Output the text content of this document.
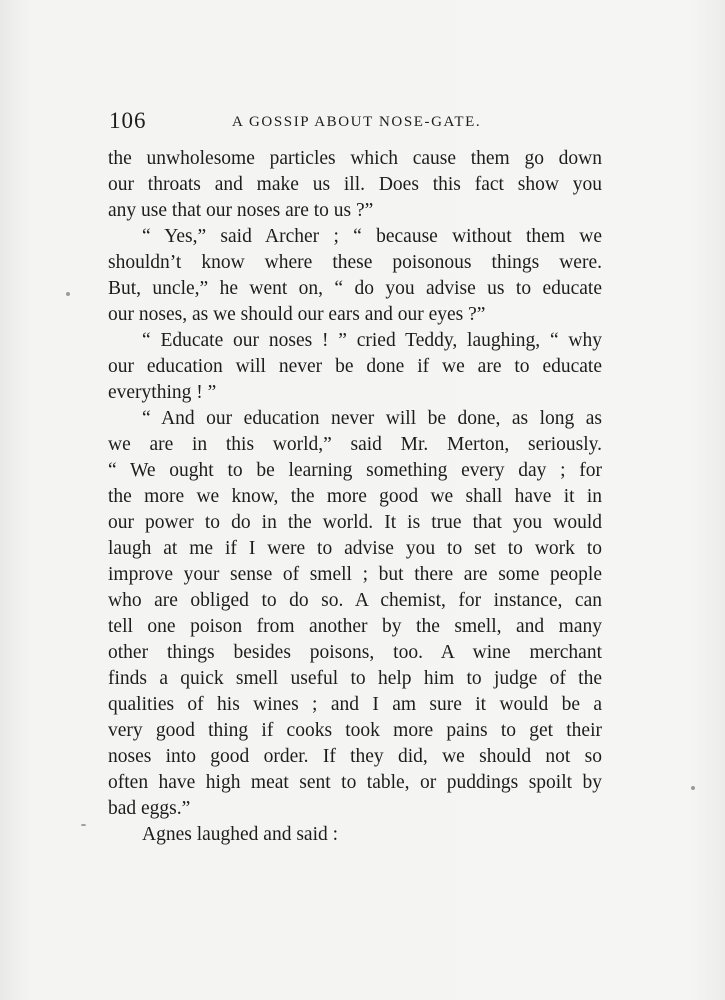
106	A GOSSIP ABOUT NOSE-GATE.
the unwholesome particles which cause them go down
our throats and make us ill. Does this fact show you
any use that our noses are to us ?”
“ Yes,” said Archer ; “ because without them we
shouldn’t know where these poisonous things were.
But, uncle,” he went on, “ do you advise us to educate
our noses, as we should our ears and our eyes ?”
“ Educate our noses ! ” cried Teddy, laughing, “ why
our education will never be done if we are to educate
everything ! ”
“ And our education never will be done, as long as
we are in this world,” said Mr. Merton, seriously.
“ We ought to be learning something every day ; for
the more we know, the more good we shall have it in
our power to do in the world. It is true that you would
laugh at me if I were to advise you to set to work to
improve your sense of smell ; but there are some people
who are obliged to do so. A chemist, for instance, can
tell one poison from another by the smell, and many
other things besides poisons, too. A wine merchant
finds a quick smell useful to help him to judge of the
qualities of his wines ; and I am sure it would be a
very good thing if cooks took more pains to get their
noses into good order. If they did, we should not so
often have high meat sent to table, or puddings spoilt by
bad eggs.”
Agnes laughed and said :
